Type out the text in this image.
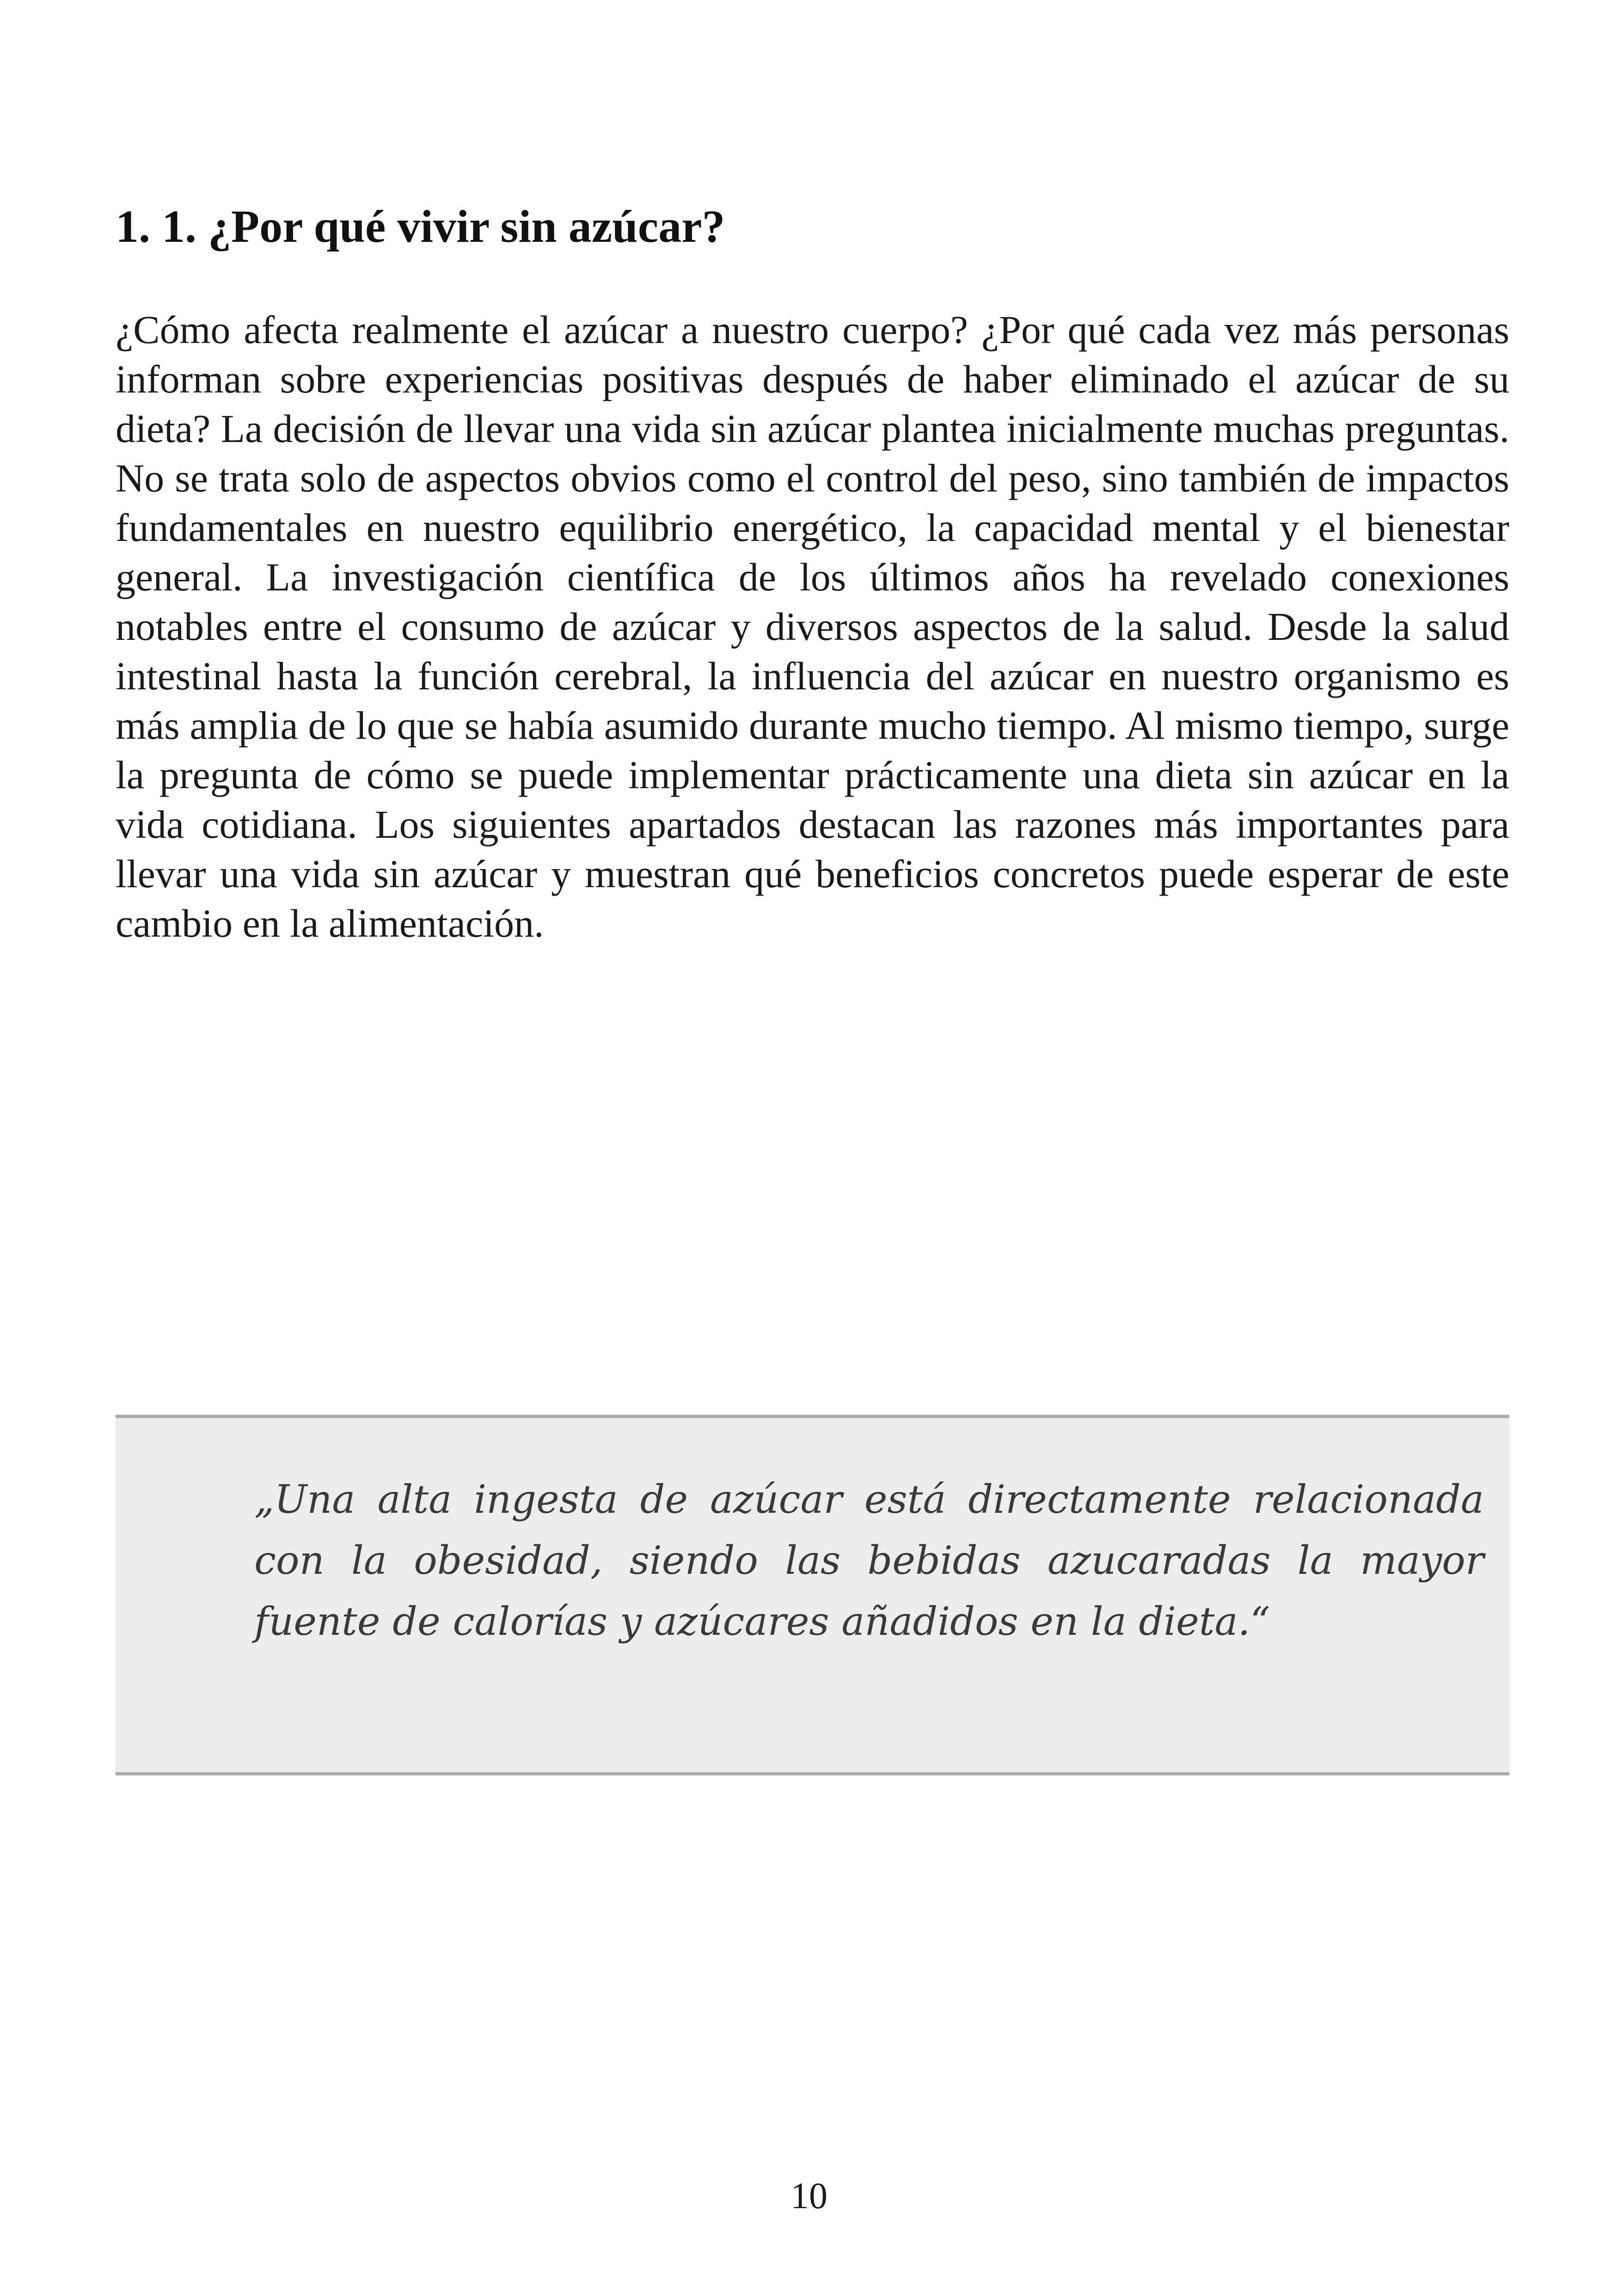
1. 1. ¿Por qué vivir sin azúcar?

¿Cómo afecta realmente el azúcar a nuestro cuerpo? ¿Por qué cada vez más personas informan sobre experiencias positivas después de haber eliminado el azúcar de su dieta? La decisión de llevar una vida sin azúcar plantea inicialmente muchas preguntas. No se trata solo de aspectos obvios como el control del peso, sino también de impactos fundamentales en nuestro equilibrio energético, la capacidad mental y el bienestar general. La investigación científica de los últimos años ha revelado conexiones notables entre el consumo de azúcar y diversos aspectos de la salud. Desde la salud intestinal hasta la función cerebral, la influencia del azúcar en nuestro organismo es más amplia de lo que se había asumido durante mucho tiempo. Al mismo tiempo, surge la pregunta de cómo se puede implementar prácticamente una dieta sin azúcar en la vida cotidiana. Los siguientes apartados destacan las razones más importantes para llevar una vida sin azúcar y muestran qué beneficios concretos puede esperar de este cambio en la alimentación.

„Una alta ingesta de azúcar está directamente relacionada con la obesidad, siendo las bebidas azucaradas la mayor fuente de calorías y azúcares añadidos en la dieta.“

10
